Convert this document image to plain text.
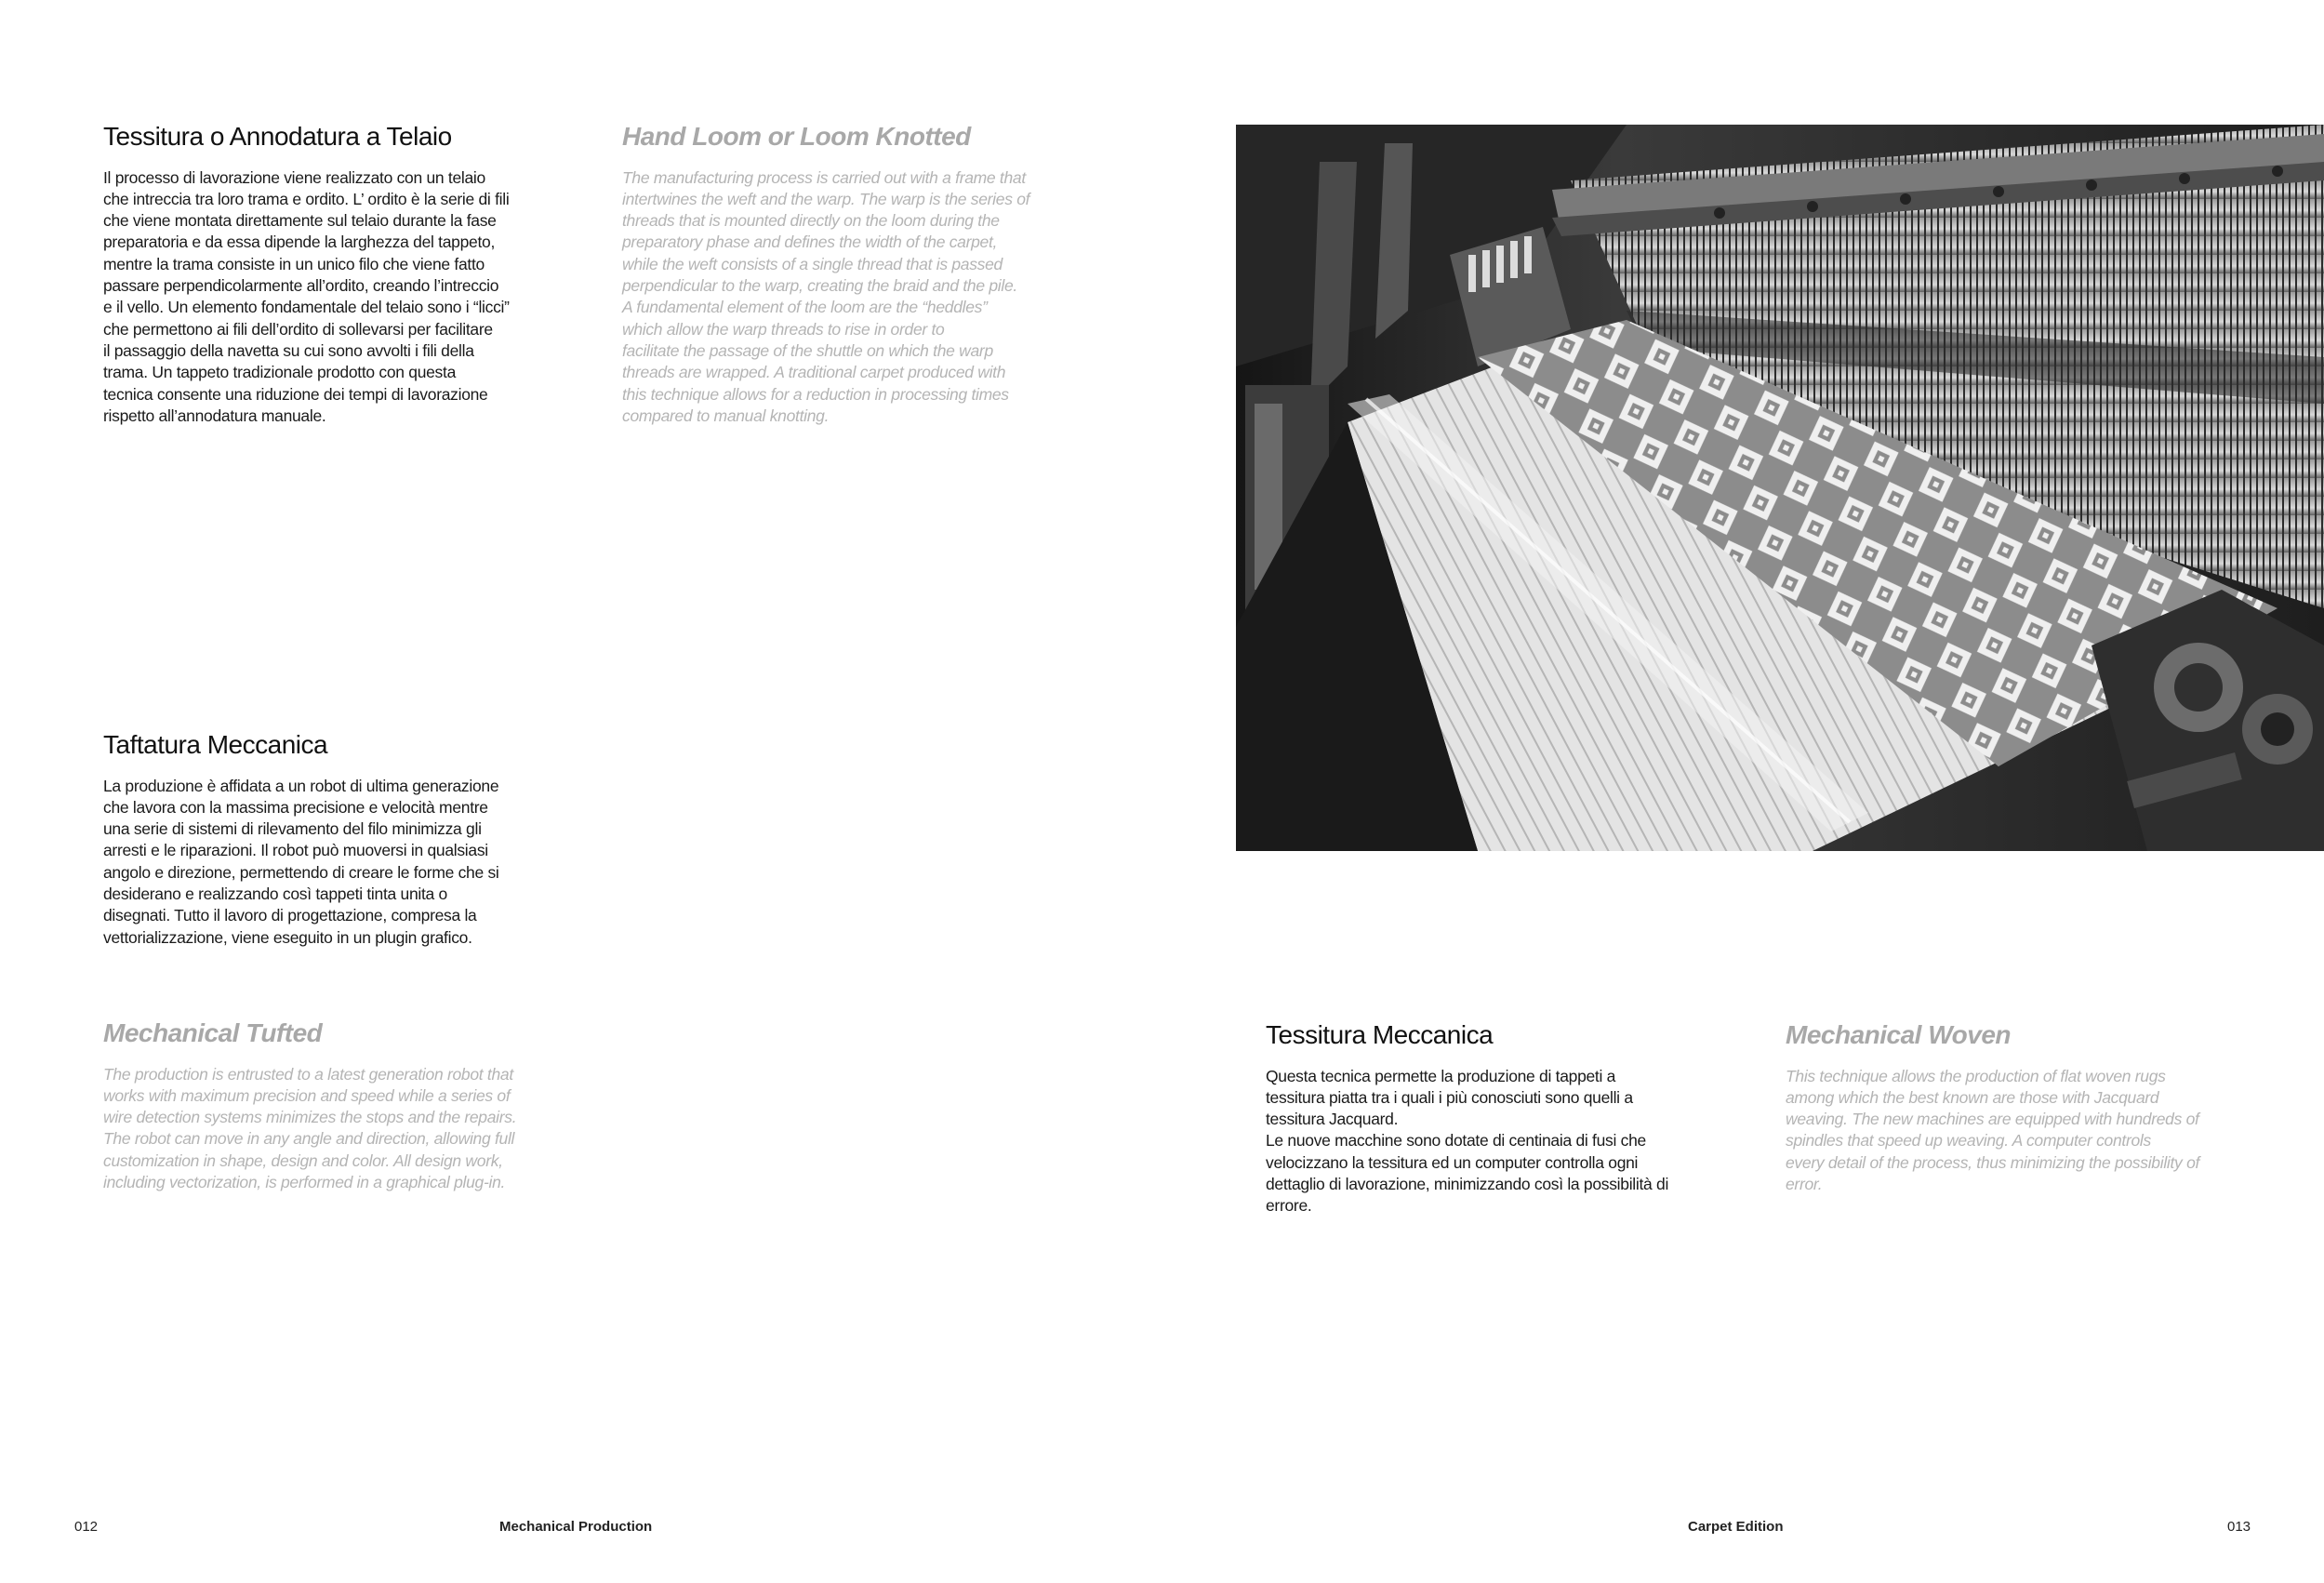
Tessitura o Annodatura a Telaio

Il processo di lavorazione viene realizzato con un telaio
che intreccia tra loro trama e ordito. L’ ordito è la serie di fili
che viene montata direttamente sul telaio durante la fase
preparatoria e da essa dipende la larghezza del tappeto,
mentre la trama consiste in un unico filo che viene fatto
passare perpendicolarmente all’ordito, creando l’intreccio
e il vello. Un elemento fondamentale del telaio sono i “licci”
che permettono ai fili dell’ordito di sollevarsi per facilitare
il passaggio della navetta su cui sono avvolti i fili della
trama. Un tappeto tradizionale prodotto con questa
tecnica consente una riduzione dei tempi di lavorazione
rispetto all’annodatura manuale.

Hand Loom or Loom Knotted

The manufacturing process is carried out with a frame that
intertwines the weft and the warp. The warp is the series of
threads that is mounted directly on the loom during the
preparatory phase and defines the width of the carpet,
while the weft consists of a single thread that is passed
perpendicular to the warp, creating the braid and the pile.
A fundamental element of the loom are the “heddles”
which allow the warp threads to rise in order to
facilitate the passage of the shuttle on which the warp
threads are wrapped. A traditional carpet produced with
this technique allows for a reduction in processing times
compared to manual knotting.

Taftatura Meccanica

La produzione è affidata a un robot di ultima generazione
che lavora con la massima precisione e velocità mentre
una serie di sistemi di rilevamento del filo minimizza gli
arresti e le riparazioni. Il robot può muoversi in qualsiasi
angolo e direzione, permettendo di creare le forme che si
desiderano e realizzando così tappeti tinta unita o
disegnati. Tutto il lavoro di progettazione, compresa la
vettorializzazione, viene eseguito in un plugin grafico.

Mechanical Tufted

The production is entrusted to a latest generation robot that
works with maximum precision and speed while a series of
wire detection systems minimizes the stops and the repairs.
The robot can move in any angle and direction, allowing full
customization in shape, design and color. All design work,
including vectorization, is performed in a graphical plug-in.

012	Mechanical Production
Tessitura Meccanica

Questa tecnica permette la produzione di tappeti a
tessitura piatta tra i quali i più conosciuti sono quelli a
tessitura Jacquard.
Le nuove macchine sono dotate di centinaia di fusi che
velocizzano la tessitura ed un computer controlla ogni
dettaglio di lavorazione, minimizzando così la possibilità di
errore.

Mechanical Woven

This technique allows the production of flat woven rugs
among which the best known are those with Jacquard
weaving. The new machines are equipped with hundreds of
spindles that speed up weaving. A computer controls
every detail of the process, thus minimizing the possibility of
error.

Carpet Edition	013
